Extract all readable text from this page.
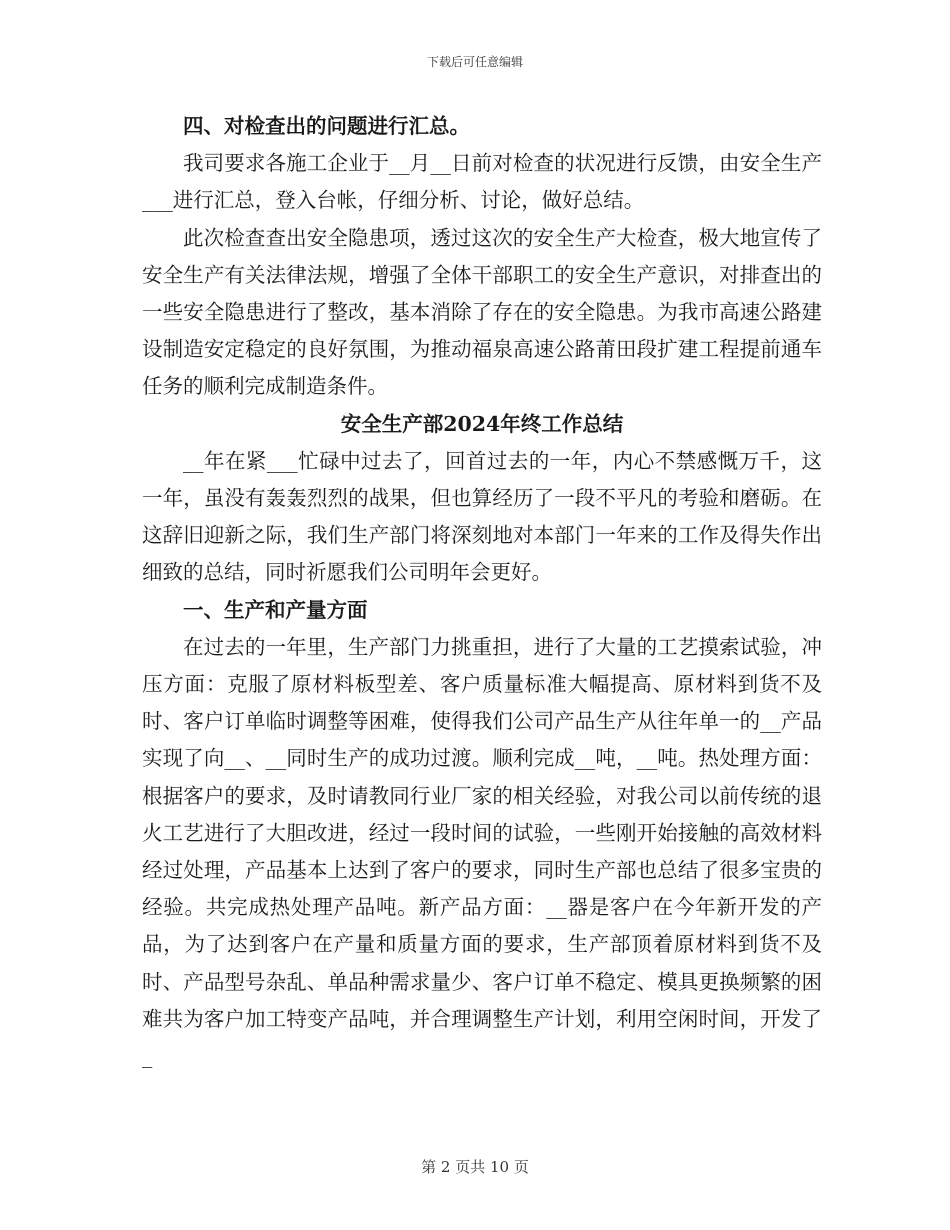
下载后可任意编辑
四、对检查出的问题进行汇总。

我司要求各施工企业于__月__日前对检查的状况进行反馈，由安全生产___进行汇总，登入台帐，仔细分析、讨论，做好总结。

此次检查查出安全隐患项，透过这次的安全生产大检查，极大地宣传了安全生产有关法律法规，增强了全体干部职工的安全生产意识，对排查出的一些安全隐患进行了整改，基本消除了存在的安全隐患。为我市高速公路建设制造安定稳定的良好氛围，为推动福泉高速公路莆田段扩建工程提前通车任务的顺利完成制造条件。

安全生产部2024年终工作总结

__年在紧___忙碌中过去了，回首过去的一年，内心不禁感慨万千，这一年，虽没有轰轰烈烈的战果，但也算经历了一段不平凡的考验和磨砺。在这辞旧迎新之际，我们生产部门将深刻地对本部门一年来的工作及得失作出细致的总结，同时祈愿我们公司明年会更好。

一、生产和产量方面

在过去的一年里，生产部门力挑重担，进行了大量的工艺摸索试验，冲压方面：克服了原材料板型差、客户质量标准大幅提高、原材料到货不及时、客户订单临时调整等困难，使得我们公司产品生产从往年单一的__产品实现了向__、__同时生产的成功过渡。顺利完成__吨，__吨。热处理方面：根据客户的要求，及时请教同行业厂家的相关经验，对我公司以前传统的退火工艺进行了大胆改进，经过一段时间的试验，一些刚开始接触的高效材料经过处理，产品基本上达到了客户的要求，同时生产部也总结了很多宝贵的经验。共完成热处理产品吨。新产品方面：__器是客户在今年新开发的产品，为了达到客户在产量和质量方面的要求，生产部顶着原材料到货不及时、产品型号杂乱、单品种需求量少、客户订单不稳定、模具更换频繁的困难共为客户加工特变产品吨，并合理调整生产计划，利用空闲时间，开发了_

第 2 页共 10 页
